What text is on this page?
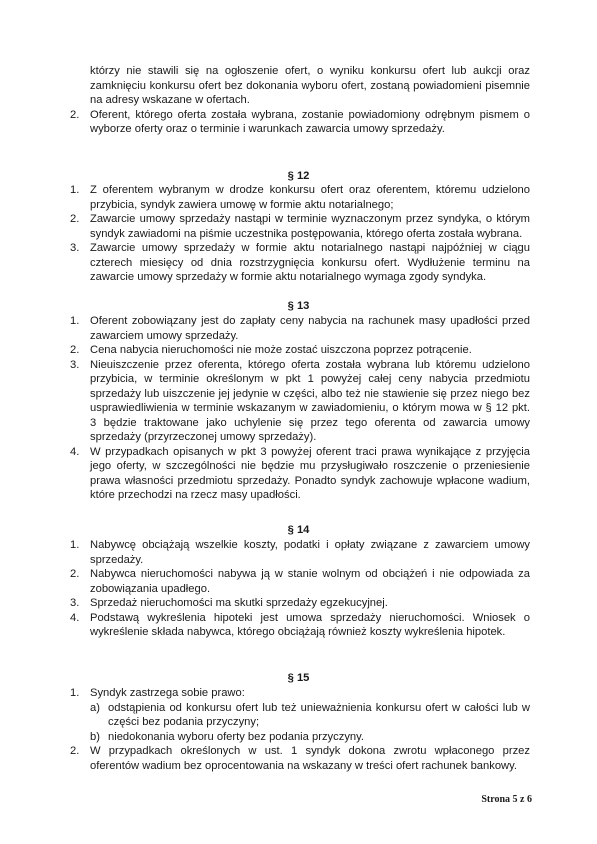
którzy nie stawili się na ogłoszenie ofert, o wyniku konkursu ofert lub aukcji oraz zamknięciu konkursu ofert bez dokonania wyboru ofert, zostaną powiadomieni pisemnie na adresy wskazane w ofertach.
2. Oferent, którego oferta została wybrana, zostanie powiadomiony odrębnym pismem o wyborze oferty oraz o terminie i warunkach zawarcia umowy sprzedaży.
§ 12
1. Z oferentem wybranym w drodze konkursu ofert oraz oferentem, któremu udzielono przybicia, syndyk zawiera umowę w formie aktu notarialnego;
2. Zawarcie umowy sprzedaży nastąpi w terminie wyznaczonym przez syndyka, o którym syndyk zawiadomi na piśmie uczestnika postępowania, którego oferta została wybrana.
3. Zawarcie umowy sprzedaży w formie aktu notarialnego nastąpi najpóźniej w ciągu czterech miesięcy od dnia rozstrzygnięcia konkursu ofert. Wydłużenie terminu na zawarcie umowy sprzedaży w formie aktu notarialnego wymaga zgody syndyka.
§ 13
1. Oferent zobowiązany jest do zapłaty ceny nabycia na rachunek masy upadłości przed zawarciem umowy sprzedaży.
2. Cena nabycia nieruchomości nie może zostać uiszczona poprzez potrącenie.
3. Nieuiszczenie przez oferenta, którego oferta została wybrana lub któremu udzielono przybicia, w terminie określonym w pkt 1 powyżej całej ceny nabycia przedmiotu sprzedaży lub uiszczenie jej jedynie w części, albo też nie stawienie się przez niego bez usprawiedliwienia w terminie wskazanym w zawiadomieniu, o którym mowa w § 12 pkt. 3 będzie traktowane jako uchylenie się przez tego oferenta od zawarcia umowy sprzedaży (przyrzeczonej umowy sprzedaży).
4. W przypadkach opisanych w pkt 3 powyżej oferent traci prawa wynikające z przyjęcia jego oferty, w szczególności nie będzie mu przysługiwało roszczenie o przeniesienie prawa własności przedmiotu sprzedaży. Ponadto syndyk zachowuje wpłacone wadium, które przechodzi na rzecz masy upadłości.
§ 14
1. Nabywcę obciążają wszelkie koszty, podatki i opłaty związane z zawarciem umowy sprzedaży.
2. Nabywca nieruchomości nabywa ją w stanie wolnym od obciążeń i nie odpowiada za zobowiązania upadłego.
3. Sprzedaż nieruchomości ma skutki sprzedaży egzekucyjnej.
4. Podstawą wykreślenia hipoteki jest umowa sprzedaży nieruchomości. Wniosek o wykreślenie składa nabywca, którego obciążają również koszty wykreślenia hipotek.
§ 15
1. Syndyk zastrzega sobie prawo:
a) odstąpienia od konkursu ofert lub też unieważnienia konkursu ofert w całości lub w części bez podania przyczyny;
b) niedokonania wyboru oferty bez podania przyczyny.
2. W przypadkach określonych w ust. 1 syndyk dokona zwrotu wpłaconego przez oferentów wadium bez oprocentowania na wskazany w treści ofert rachunek bankowy.
Strona 5 z 6
